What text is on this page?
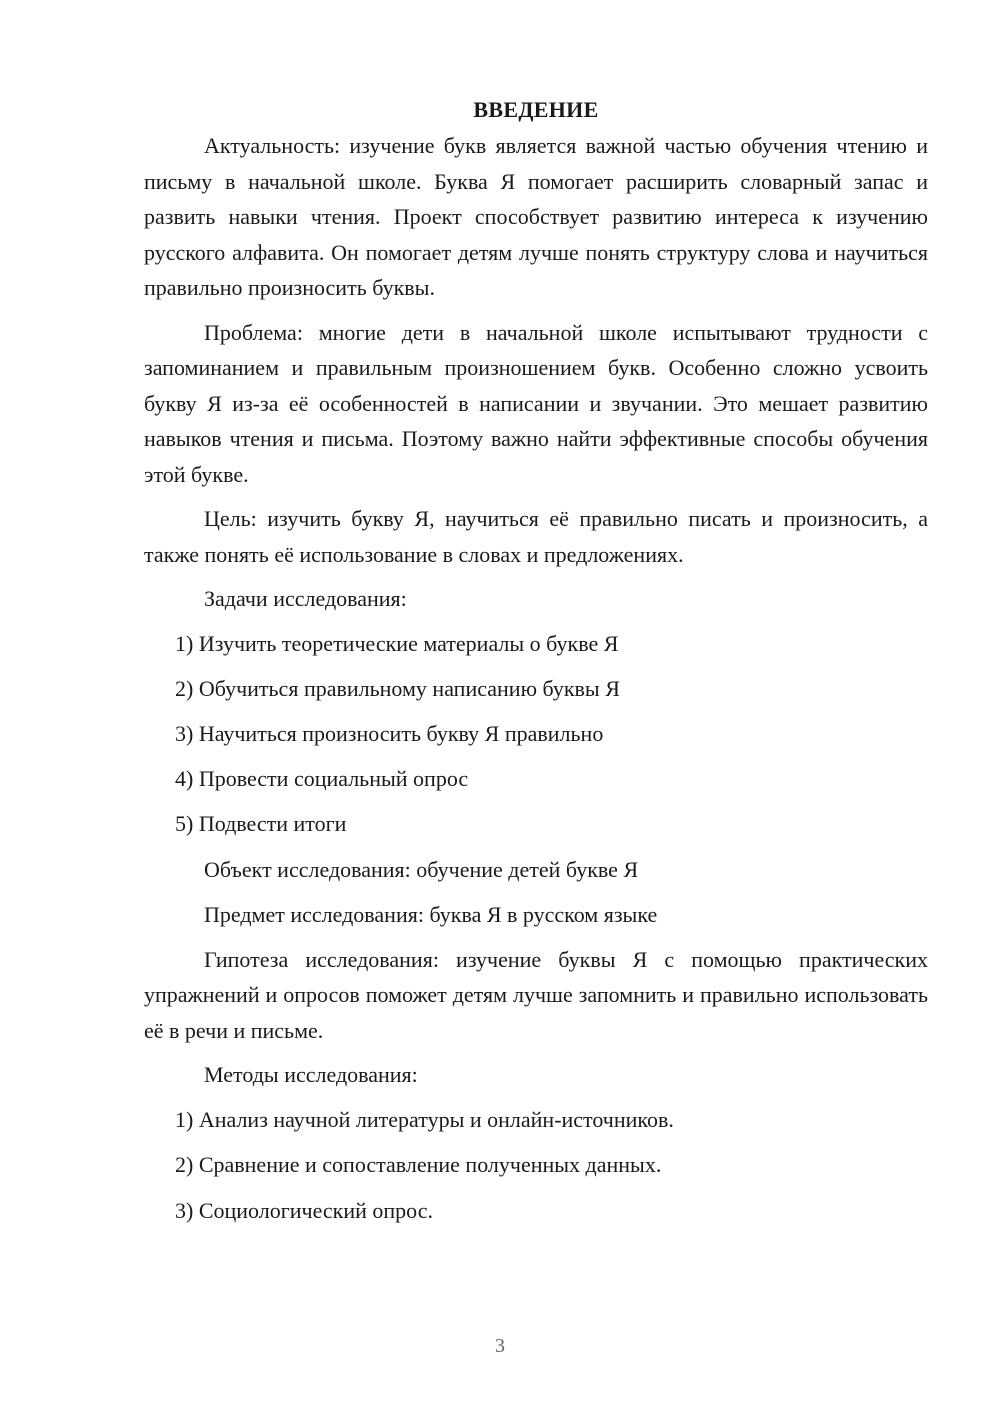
ВВЕДЕНИЕ

Актуальность: изучение букв является важной частью обучения чтению и письму в начальной школе. Буква Я помогает расширить словарный запас и развить навыки чтения. Проект способствует развитию интереса к изучению русского алфавита. Он помогает детям лучше понять структуру слова и научиться правильно произносить буквы.

Проблема: многие дети в начальной школе испытывают трудности с запоминанием и правильным произношением букв. Особенно сложно усвоить букву Я из-за её особенностей в написании и звучании. Это мешает развитию навыков чтения и письма. Поэтому важно найти эффективные способы обучения этой букве.

Цель: изучить букву Я, научиться её правильно писать и произносить, а также понять её использование в словах и предложениях.

Задачи исследования:
1) Изучить теоретические материалы о букве Я
2) Обучиться правильному написанию буквы Я
3) Научиться произносить букву Я правильно
4) Провести социальный опрос
5) Подвести итоги
Объект исследования: обучение детей букве Я
Предмет исследования: буква Я в русском языке

Гипотеза исследования: изучение буквы Я с помощью практических упражнений и опросов поможет детям лучше запомнить и правильно использовать её в речи и письме.

Методы исследования:
1) Анализ научной литературы и онлайн-источников.
2) Сравнение и сопоставление полученных данных.
3) Социологический опрос.
3
